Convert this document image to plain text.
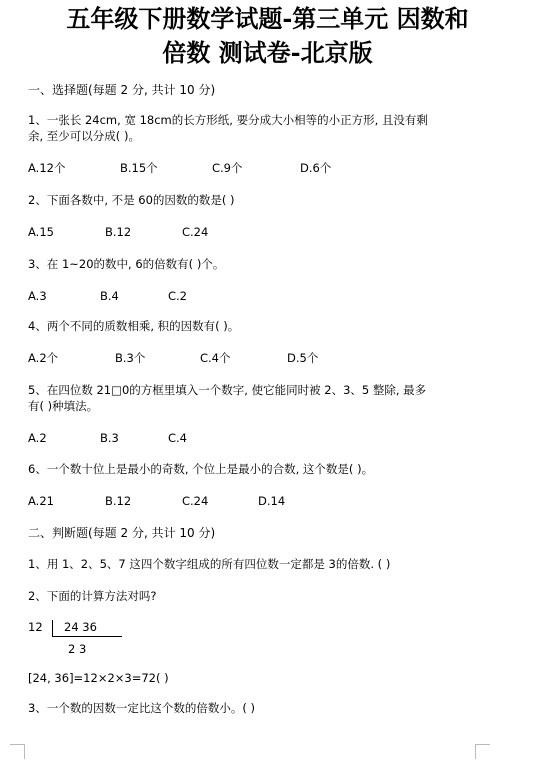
五年级下册数学试题-第三单元 因数和
倍数 测试卷-北京版
一、选择题(每题 2 分, 共计 10 分)
1、一张长 24cm, 宽 18cm的长方形纸, 要分成大小相等的小正方形, 且没有剩
余, 至少可以分成( )。
A.12个	B.15个	C.9个	D.6个
2、下面各数中, 不是 60的因数的数是( )
A.15	B.12	C.24
3、在 1~20的数中, 6的倍数有( )个。
A.3	B.4	C.2
4、两个不同的质数相乘, 积的因数有( )。
A.2个	B.3个	C.4个	D.5个
5、在四位数 21□0的方框里填入一个数字, 使它能同时被 2、3、5 整除, 最多
有( )种填法。
A.2	B.3	C.4
6、一个数十位上是最小的奇数, 个位上是最小的合数, 这个数是( )。
A.21	B.12	C.24	D.14
二、判断题(每题 2 分, 共计 10 分)
1、用 1、2、5、7 这四个数字组成的所有四位数一定都是 3的倍数. ( )
2、下面的计算方法对吗?
12 24 36
2 3
[24, 36]=12×2×3=72( )
3、一个数的因数一定比这个数的倍数小。( )
